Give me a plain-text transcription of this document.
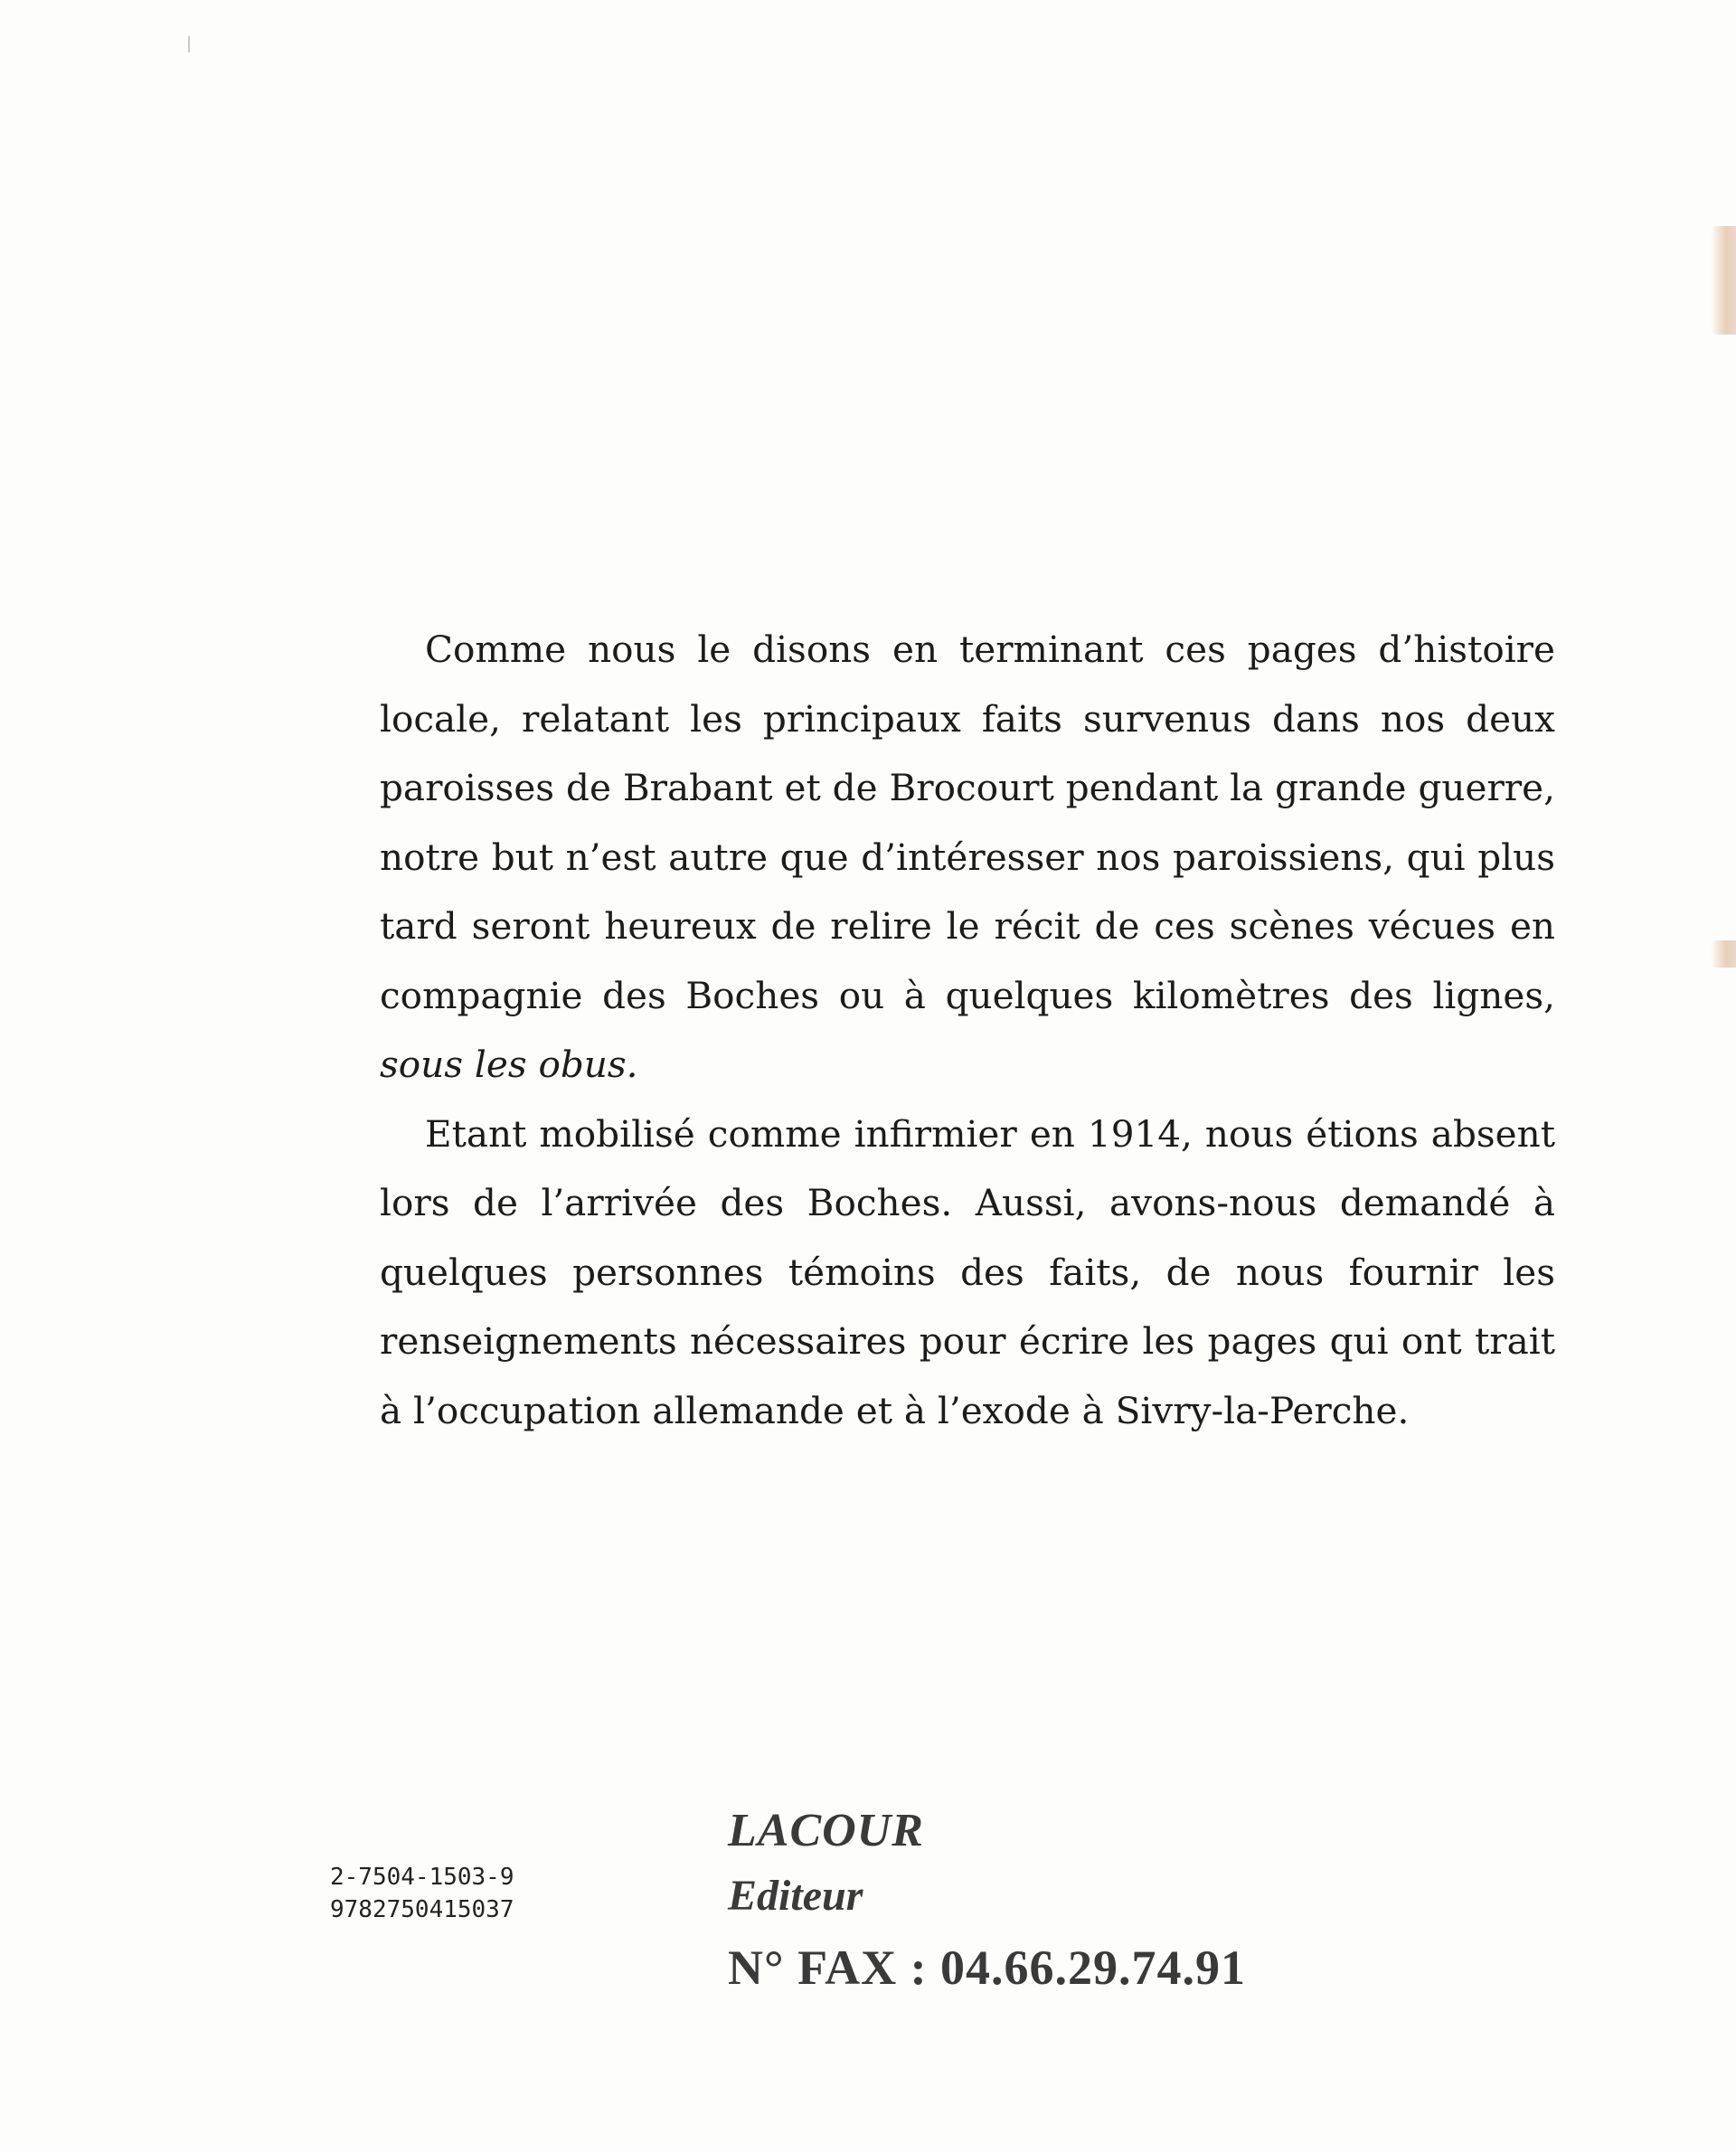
Comme nous le disons en terminant ces pages d’histoire locale, relatant les principaux faits survenus dans nos deux paroisses de Brabant et de Brocourt pendant la grande guerre, notre but n’est autre que d’intéresser nos paroissiens, qui plus tard seront heureux de relire le récit de ces scènes vécues en compagnie des Boches ou à quelques kilomètres des lignes, sous les obus.

Etant mobilisé comme infirmier en 1914, nous étions absent lors de l’arrivée des Boches. Aussi, avons-nous demandé à quelques personnes témoins des faits, de nous fournir les renseignements nécessaires pour écrire les pages qui ont trait à l’occupation allemande et à l’exode à Sivry-la-Perche.

2-7504-1503-9
9782750415037
LACOUR
Editeur
N° FAX : 04.66.29.74.91
